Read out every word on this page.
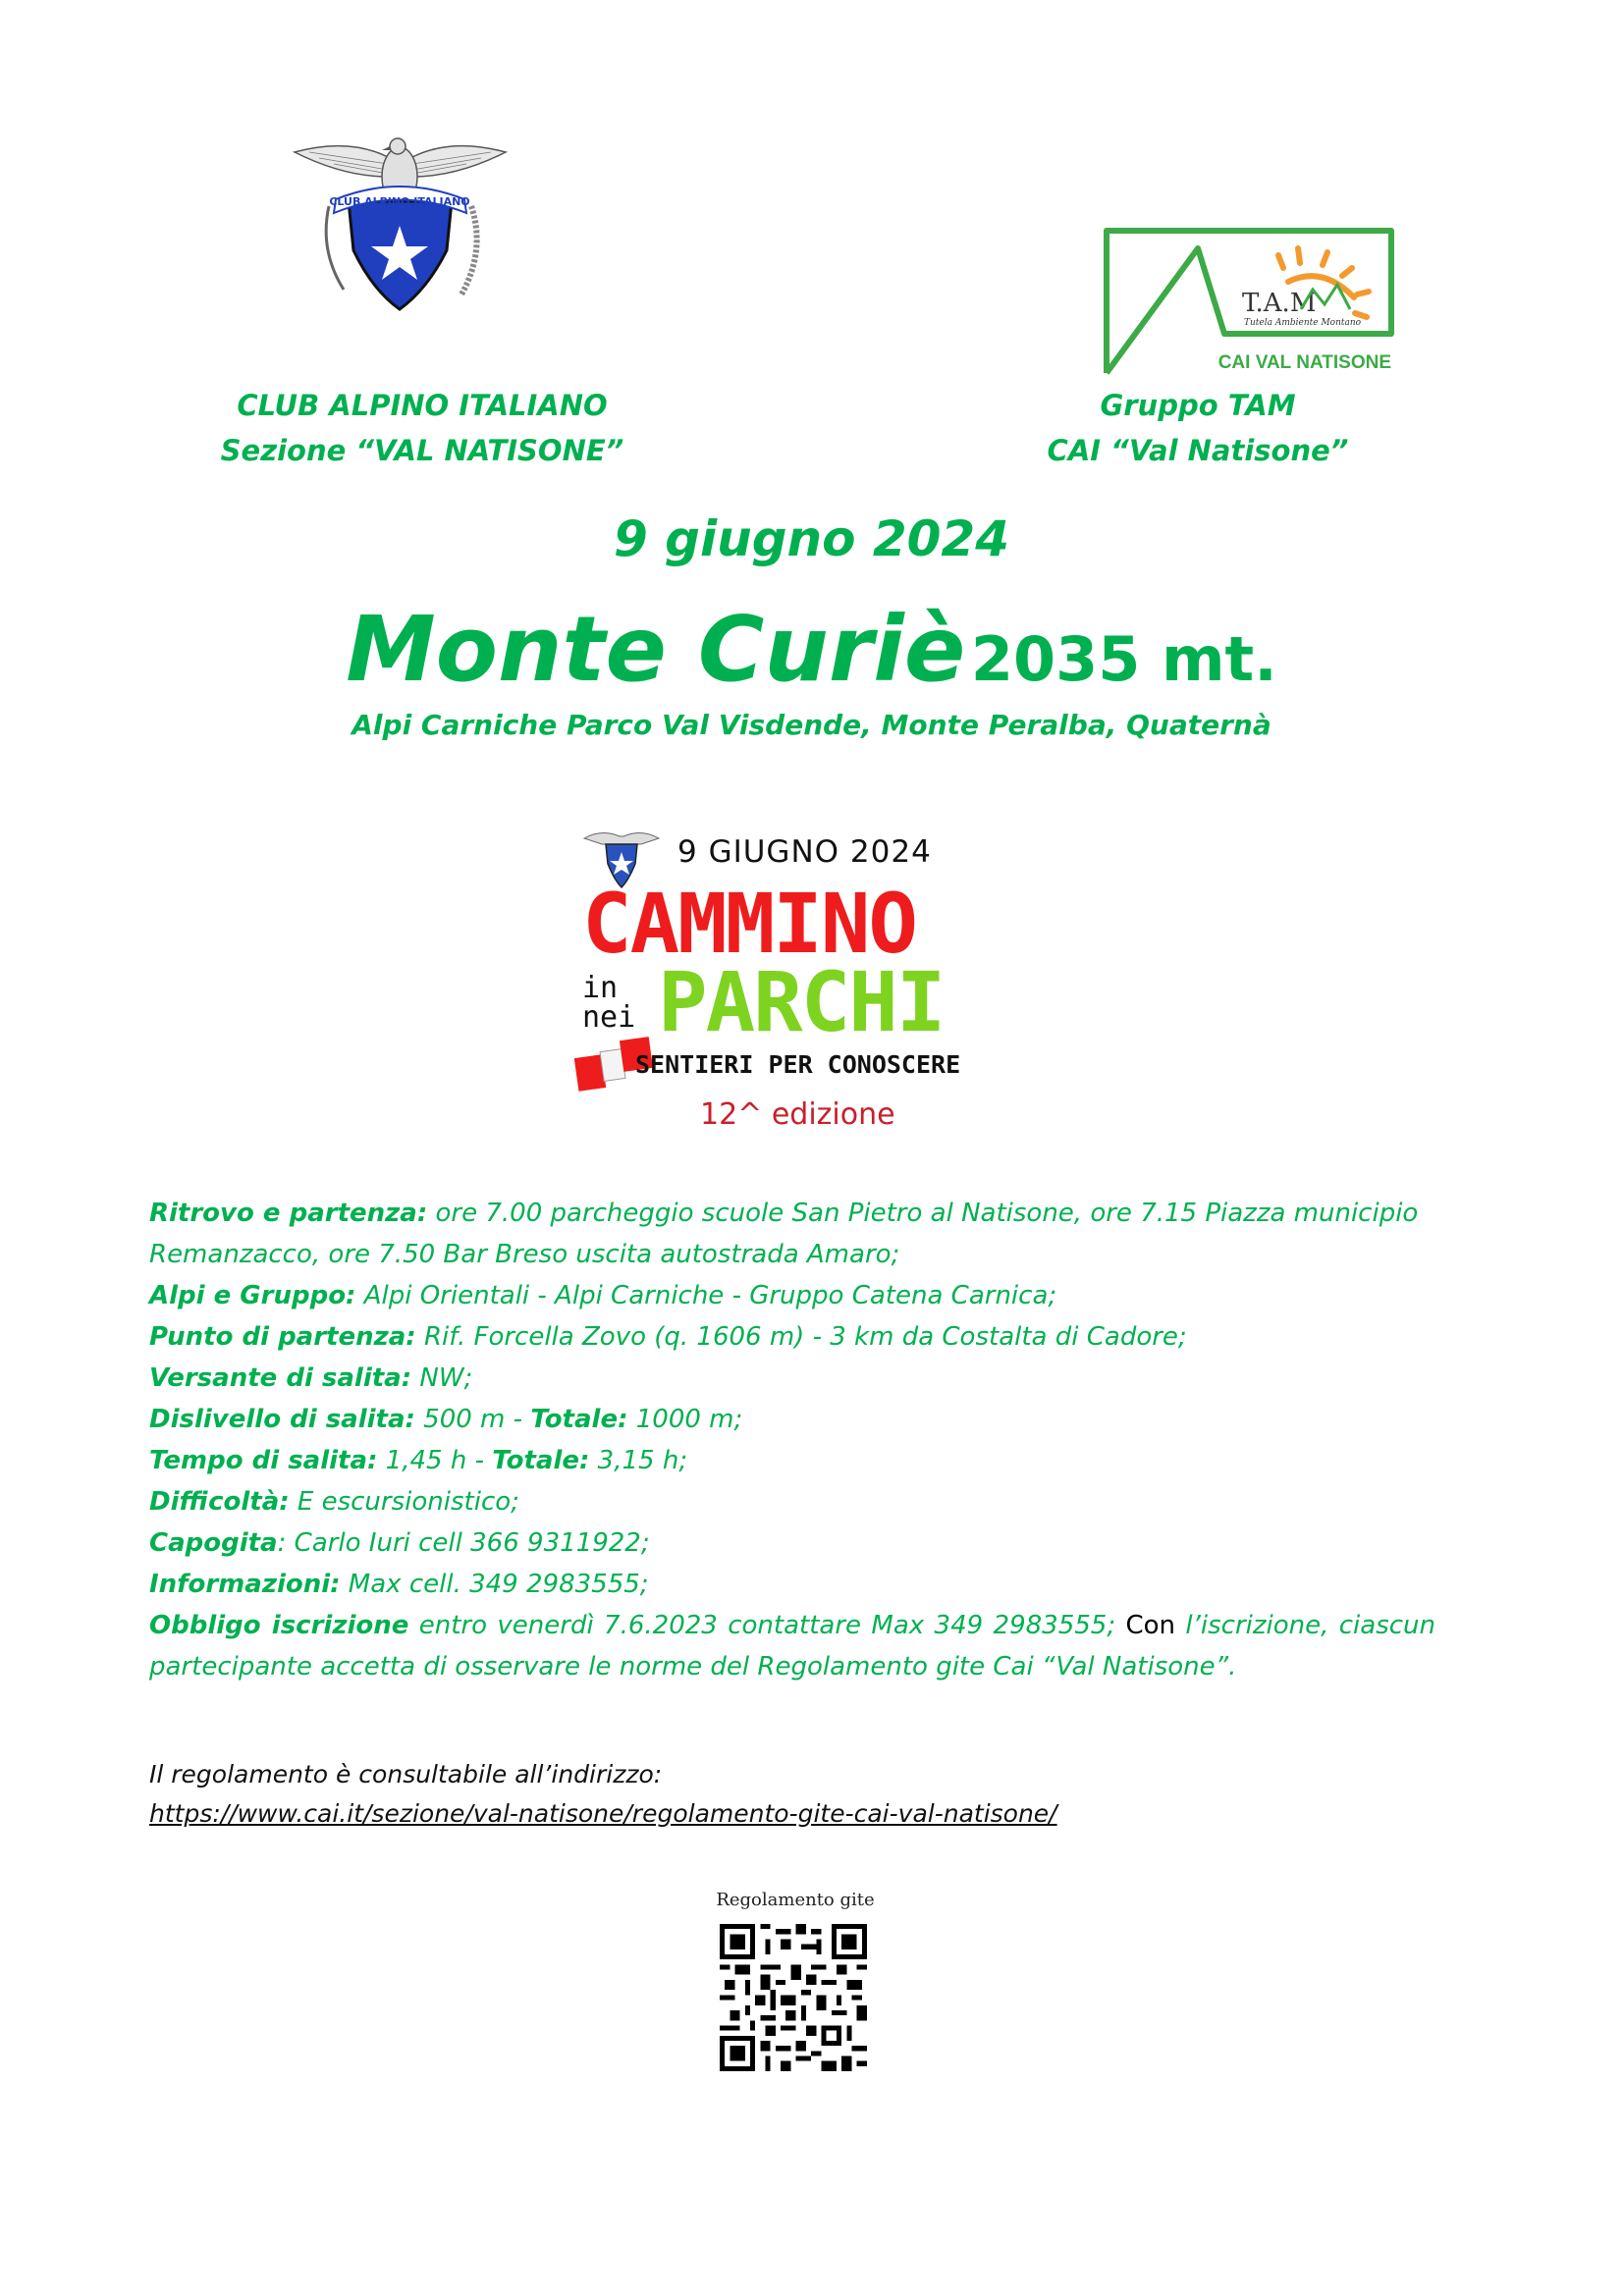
CLUB ALPINO ITALIANO
T.A.M
Tutela Ambiente Montano
CAI VAL NATISONE
CLUB ALPINO ITALIANO
Sezione “VAL NATISONE”
Gruppo TAM
CAI “Val Natisone”
9 giugno 2024
Monte Curiè 2035 mt.
Alpi Carniche Parco Val Visdende, Monte Peralba, Quaternà
9 GIUGNO 2024
CAMMINO
in
nei PARCHI
SENTIERI PER CONOSCERE
12^ edizione

Ritrovo e partenza: ore 7.00 parcheggio scuole San Pietro al Natisone, ore 7.15 Piazza municipio Remanzacco, ore 7.50 Bar Breso uscita autostrada Amaro;

Alpi e Gruppo: Alpi Orientali - Alpi Carniche - Gruppo Catena Carnica;

Punto di partenza: Rif. Forcella Zovo (q. 1606 m) - 3 km da Costalta di Cadore;

Versante di salita: NW;

Dislivello di salita: 500 m - Totale: 1000 m;

Tempo di salita: 1,45 h - Totale: 3,15 h;

Difficoltà: E escursionistico;

Capogita: Carlo Iuri cell 366 9311922;

Informazioni: Max cell. 349 2983555;

Obbligo iscrizione entro venerdì 7.6.2023 contattare Max 349 2983555; Con l’iscrizione, ciascun partecipante accetta di osservare le norme del Regolamento gite Cai “Val Natisone”.

Il regolamento è consultabile all’indirizzo:
https://www.cai.it/sezione/val-natisone/regolamento-gite-cai-val-natisone/
Regolamento gite
